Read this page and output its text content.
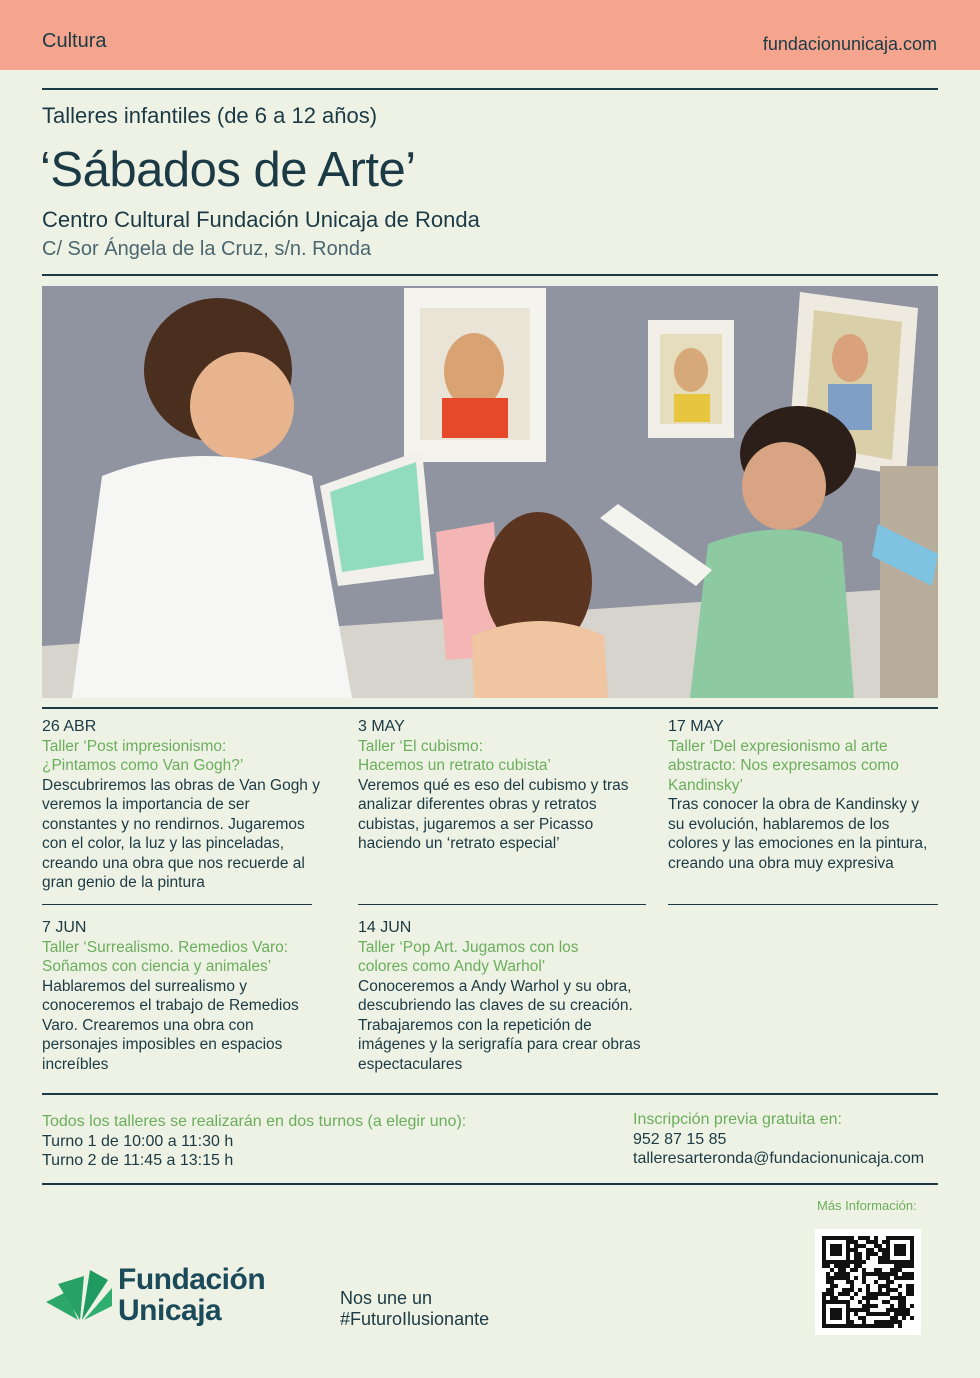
Cultura	fundacionunicaja.com
Talleres infantiles (de 6 a 12 años)
‘Sábados de Arte’
Centro Cultural Fundación Unicaja de Ronda
C/ Sor Ángela de la Cruz, s/n. Ronda
26 ABR
Taller ‘Post impresionismo:
¿Pintamos como Van Gogh?’
Descubriremos las obras de Van Gogh y
veremos la importancia de ser
constantes y no rendirnos. Jugaremos
con el color, la luz y las pinceladas,
creando una obra que nos recuerde al
gran genio de la pintura
3 MAY
Taller ‘El cubismo:
Hacemos un retrato cubista’
Veremos qué es eso del cubismo y tras
analizar diferentes obras y retratos
cubistas, jugaremos a ser Picasso
haciendo un ‘retrato especial’
17 MAY
Taller ‘Del expresionismo al arte
abstracto: Nos expresamos como
Kandinsky’
Tras conocer la obra de Kandinsky y
su evolución, hablaremos de los
colores y las emociones en la pintura,
creando una obra muy expresiva
7 JUN
Taller ‘Surrealismo. Remedios Varo:
Soñamos con ciencia y animales’
Hablaremos del surrealismo y
conoceremos el trabajo de Remedios
Varo. Crearemos una obra con
personajes imposibles en espacios
increíbles
14 JUN
Taller ‘Pop Art. Jugamos con los
colores como Andy Warhol’
Conoceremos a Andy Warhol y su obra,
descubriendo las claves de su creación.
Trabajaremos con la repetición de
imágenes y la serigrafía para crear obras
espectaculares
Todos los talleres se realizarán en dos turnos (a elegir uno):
Turno 1 de 10:00 a 11:30 h
Turno 2 de 11:45 a 13:15 h
Inscripción previa gratuita en:
952 87 15 85
talleresarteronda@fundacionunicaja.com
Más Información:
Fundación
Unicaja	Nos une un
#FuturoIlusionante
